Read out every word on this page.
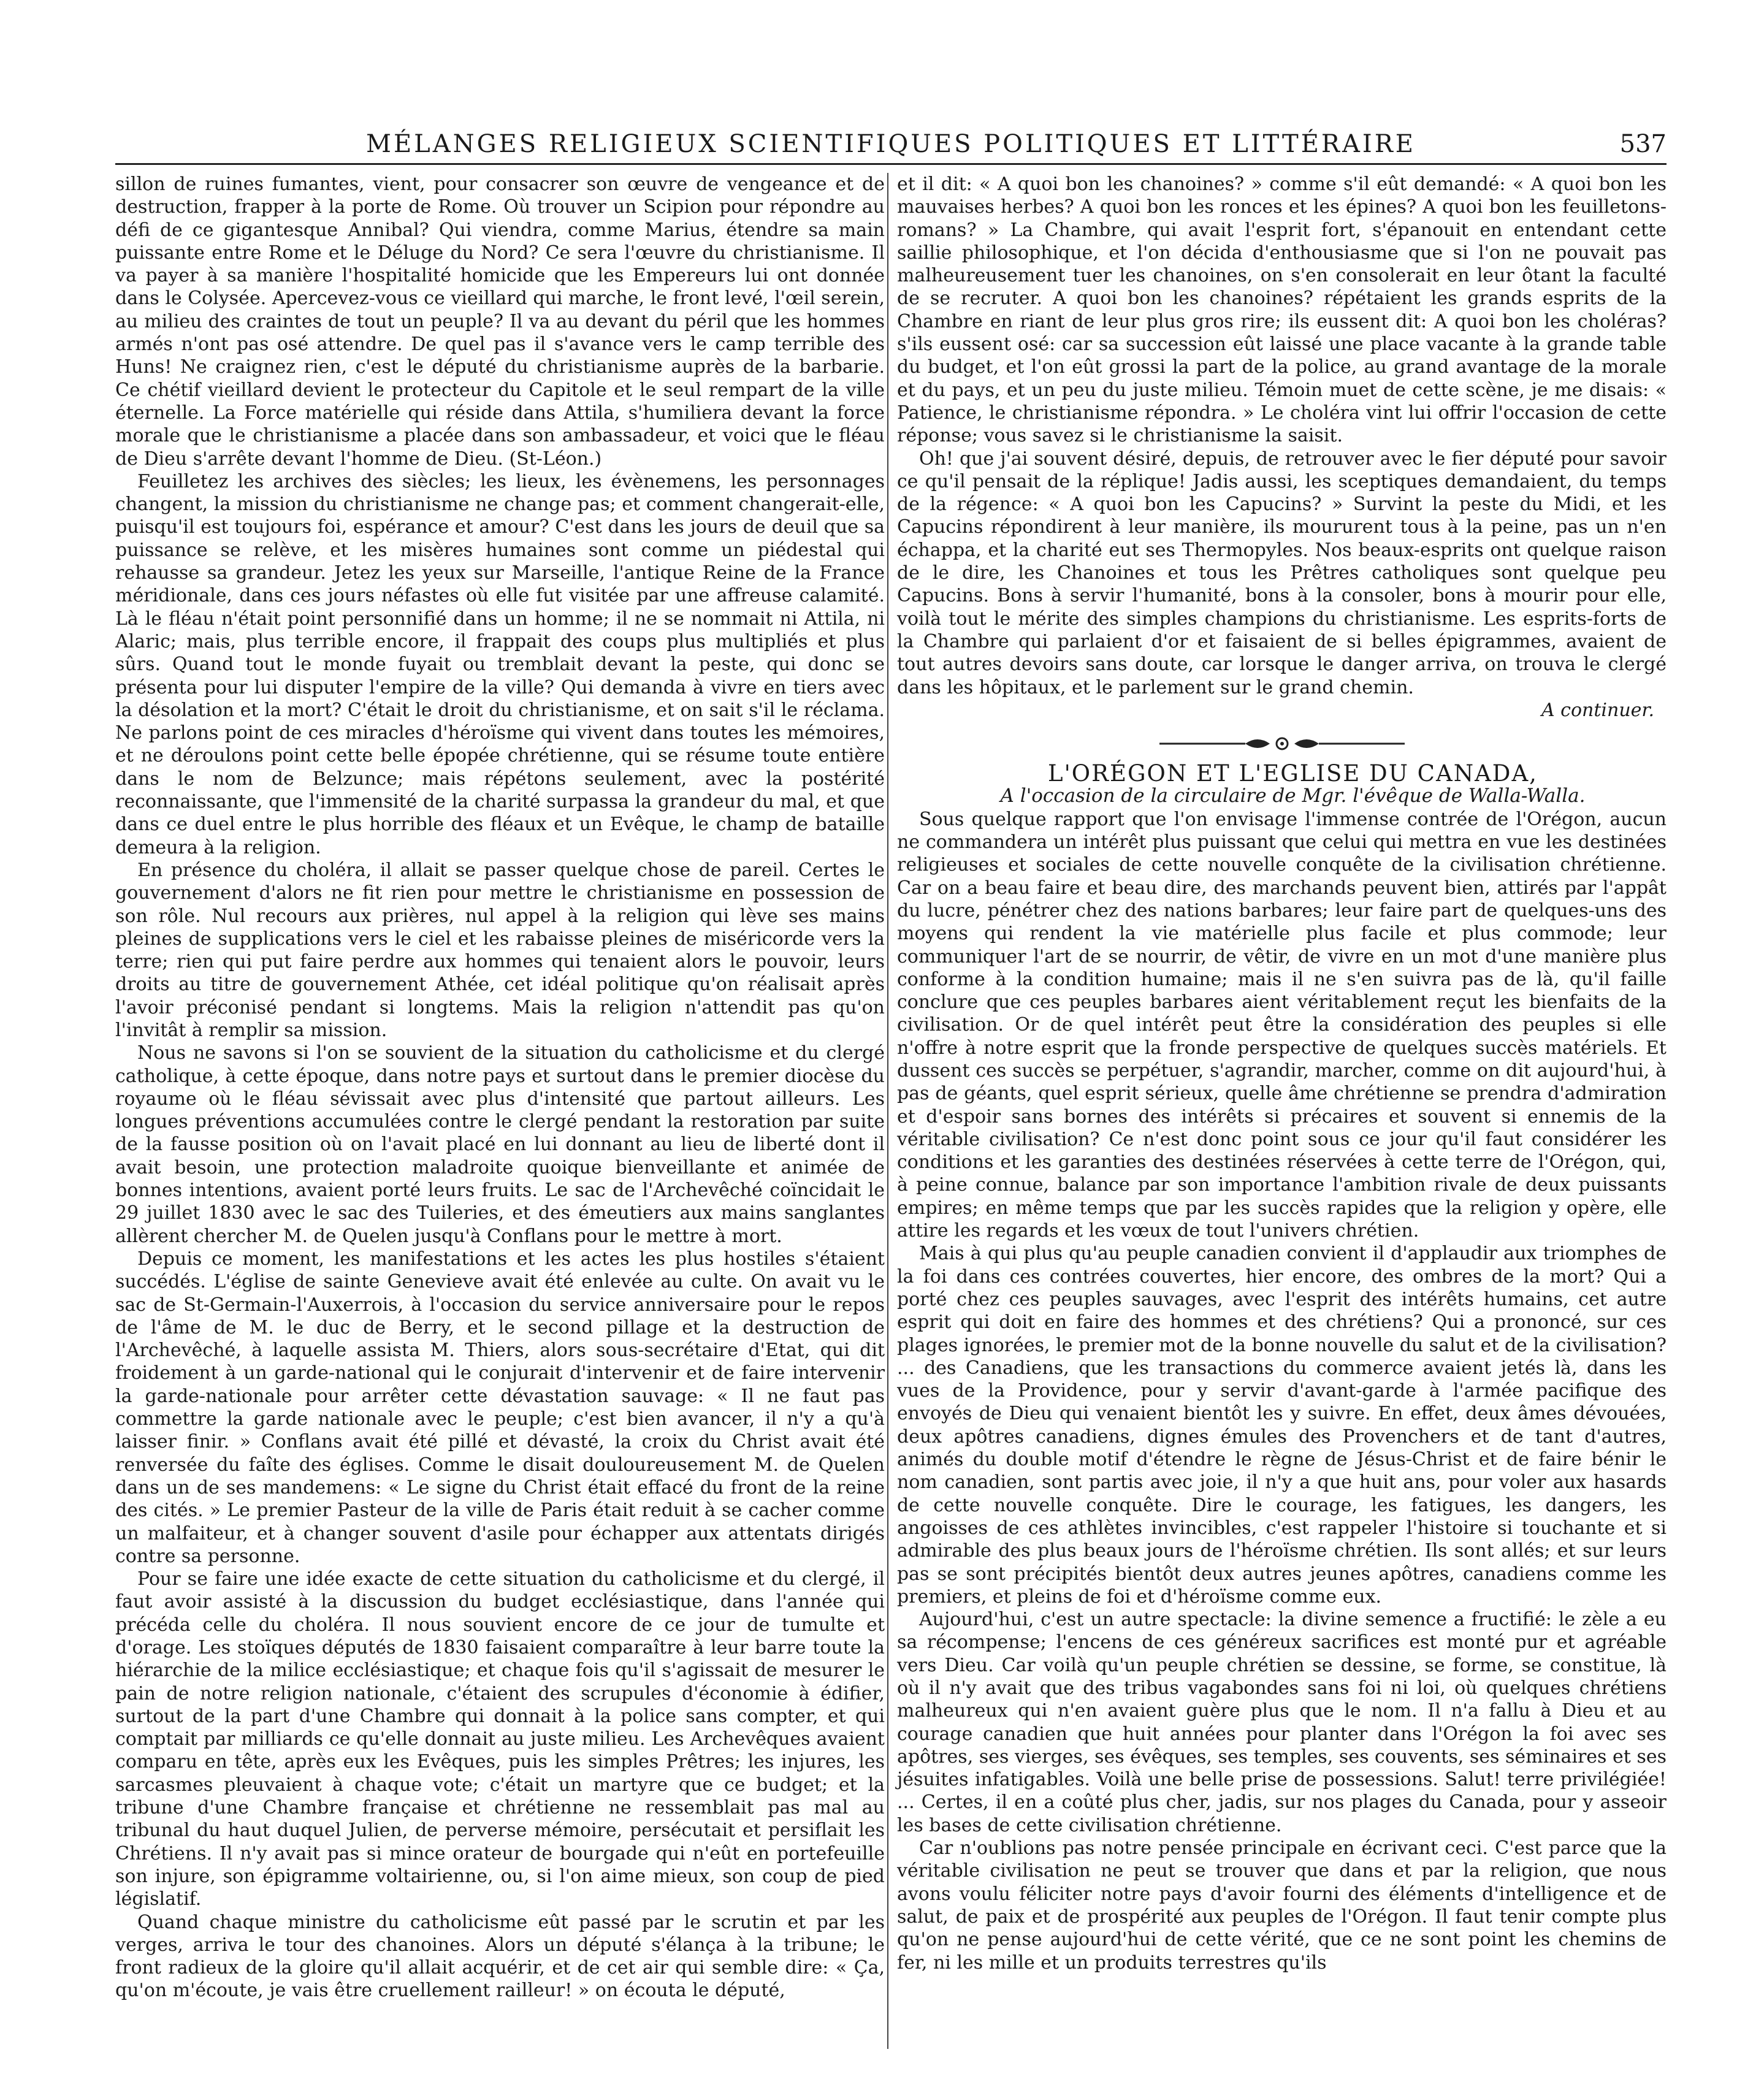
MÉLANGES RELIGIEUX SCIENTIFIQUES POLITIQUES ET LITTÉRAIRE	537

sillon de ruines fumantes, vient, pour consacrer son œuvre de vengeance et de destruction, frapper à la porte de Rome. Où trouver un Scipion pour répondre au défi de ce gigantesque Annibal? Qui viendra, comme Marius, étendre sa main puissante entre Rome et le Déluge du Nord? Ce sera l'œuvre du christianisme. Il va payer à sa manière l'hospitalité homicide que les Empereurs lui ont donnée dans le Colysée. Apercevez-vous ce vieillard qui marche, le front levé, l'œil serein, au milieu des craintes de tout un peuple? Il va au devant du péril que les hommes armés n'ont pas osé attendre. De quel pas il s'avance vers le camp terrible des Huns! Ne craignez rien, c'est le député du christianisme auprès de la barbarie. Ce chétif vieillard devient le protecteur du Capitole et le seul rempart de la ville éternelle. La Force matérielle qui réside dans Attila, s'humiliera devant la force morale que le christianisme a placée dans son ambassadeur, et voici que le fléau de Dieu s'arrête devant l'homme de Dieu. (St-Léon.)

Feuilletez les archives des siècles; les lieux, les évènemens, les personnages changent, la mission du christianisme ne change pas; et comment changerait-elle, puisqu'il est toujours foi, espérance et amour? C'est dans les jours de deuil que sa puissance se relève, et les misères humaines sont comme un piédestal qui rehausse sa grandeur. Jetez les yeux sur Marseille, l'antique Reine de la France méridionale, dans ces jours néfastes où elle fut visitée par une affreuse calamité. Là le fléau n'était point personnifié dans un homme; il ne se nommait ni Attila, ni Alaric; mais, plus terrible encore, il frappait des coups plus multipliés et plus sûrs. Quand tout le monde fuyait ou tremblait devant la peste, qui donc se présenta pour lui disputer l'empire de la ville? Qui demanda à vivre en tiers avec la désolation et la mort? C'était le droit du christianisme, et on sait s'il le réclama. Ne parlons point de ces miracles d'héroïsme qui vivent dans toutes les mémoires, et ne déroulons point cette belle épopée chrétienne, qui se résume toute entière dans le nom de Belzunce; mais répétons seulement, avec la postérité reconnaissante, que l'immensité de la charité surpassa la grandeur du mal, et que dans ce duel entre le plus horrible des fléaux et un Evêque, le champ de bataille demeura à la religion.

En présence du choléra, il allait se passer quelque chose de pareil. Certes le gouvernement d'alors ne fit rien pour mettre le christianisme en possession de son rôle. Nul recours aux prières, nul appel à la religion qui lève ses mains pleines de supplications vers le ciel et les rabaisse pleines de miséricorde vers la terre; rien qui put faire perdre aux hommes qui tenaient alors le pouvoir, leurs droits au titre de gouvernement Athée, cet idéal politique qu'on réalisait après l'avoir préconisé pendant si longtems. Mais la religion n'attendit pas qu'on l'invitât à remplir sa mission.

Nous ne savons si l'on se souvient de la situation du catholicisme et du clergé catholique, à cette époque, dans notre pays et surtout dans le premier diocèse du royaume où le fléau sévissait avec plus d'intensité que partout ailleurs. Les longues préventions accumulées contre le clergé pendant la restoration par suite de la fausse position où on l'avait placé en lui donnant au lieu de liberté dont il avait besoin, une protection maladroite quoique bienveillante et animée de bonnes intentions, avaient porté leurs fruits. Le sac de l'Archevêché coïncidait le 29 juillet 1830 avec le sac des Tuileries, et des émeutiers aux mains sanglantes allèrent chercher M. de Quelen jusqu'à Conflans pour le mettre à mort.

Depuis ce moment, les manifestations et les actes les plus hostiles s'étaient succédés. L'église de sainte Genevieve avait été enlevée au culte. On avait vu le sac de St-Germain-l'Auxerrois, à l'occasion du service anniversaire pour le repos de l'âme de M. le duc de Berry, et le second pillage et la destruction de l'Archevêché, à laquelle assista M. Thiers, alors sous-secrétaire d'Etat, qui dit froidement à un garde-national qui le conjurait d'intervenir et de faire intervenir la garde-nationale pour arrêter cette dévastation sauvage: « Il ne faut pas commettre la garde nationale avec le peuple; c'est bien avancer, il n'y a qu'à laisser finir. » Conflans avait été pillé et dévasté, la croix du Christ avait été renversée du faîte des églises. Comme le disait douloureusement M. de Quelen dans un de ses mandemens: « Le signe du Christ était effacé du front de la reine des cités. » Le premier Pasteur de la ville de Paris était reduit à se cacher comme un malfaiteur, et à changer souvent d'asile pour échapper aux attentats dirigés contre sa personne.

Pour se faire une idée exacte de cette situation du catholicisme et du clergé, il faut avoir assisté à la discussion du budget ecclésiastique, dans l'année qui précéda celle du choléra. Il nous souvient encore de ce jour de tumulte et d'orage. Les stoïques députés de 1830 faisaient comparaître à leur barre toute la hiérarchie de la milice ecclésiastique; et chaque fois qu'il s'agissait de mesurer le pain de notre religion nationale, c'étaient des scrupules d'économie à édifier, surtout de la part d'une Chambre qui donnait à la police sans compter, et qui comptait par milliards ce qu'elle donnait au juste milieu. Les Archevêques avaient comparu en tête, après eux les Evêques, puis les simples Prêtres; les injures, les sarcasmes pleuvaient à chaque vote; c'était un martyre que ce budget; et la tribune d'une Chambre française et chrétienne ne ressemblait pas mal au tribunal du haut duquel Julien, de perverse mémoire, persécutait et persiflait les Chrétiens. Il n'y avait pas si mince orateur de bourgade qui n'eût en portefeuille son injure, son épigramme voltairienne, ou, si l'on aime mieux, son coup de pied législatif.

Quand chaque ministre du catholicisme eût passé par le scrutin et par les verges, arriva le tour des chanoines. Alors un député s'élança à la tribune; le front radieux de la gloire qu'il allait acquérir, et de cet air qui semble dire: « Ça, qu'on m'écoute, je vais être cruellement railleur! » on écouta le député,

et il dit: « A quoi bon les chanoines? » comme s'il eût demandé: « A quoi bon les mauvaises herbes? A quoi bon les ronces et les épines? A quoi bon les feuilletons-romans? » La Chambre, qui avait l'esprit fort, s'épanouit en entendant cette saillie philosophique, et l'on décida d'enthousiasme que si l'on ne pouvait pas malheureusement tuer les chanoines, on s'en consolerait en leur ôtant la faculté de se recruter. A quoi bon les chanoines? répétaient les grands esprits de la Chambre en riant de leur plus gros rire; ils eussent dit: A quoi bon les choléras? s'ils eussent osé: car sa succession eût laissé une place vacante à la grande table du budget, et l'on eût grossi la part de la police, au grand avantage de la morale et du pays, et un peu du juste milieu. Témoin muet de cette scène, je me disais: « Patience, le christianisme répondra. » Le choléra vint lui offrir l'occasion de cette réponse; vous savez si le christianisme la saisit.

Oh! que j'ai souvent désiré, depuis, de retrouver avec le fier député pour savoir ce qu'il pensait de la réplique! Jadis aussi, les sceptiques demandaient, du temps de la régence: « A quoi bon les Capucins? » Survint la peste du Midi, et les Capucins répondirent à leur manière, ils moururent tous à la peine, pas un n'en échappa, et la charité eut ses Thermopyles. Nos beaux-esprits ont quelque raison de le dire, les Chanoines et tous les Prêtres catholiques sont quelque peu Capucins. Bons à servir l'humanité, bons à la consoler, bons à mourir pour elle, voilà tout le mérite des simples champions du christianisme. Les esprits-forts de la Chambre qui parlaient d'or et faisaient de si belles épigrammes, avaient de tout autres devoirs sans doute, car lorsque le danger arriva, on trouva le clergé dans les hôpitaux, et le parlement sur le grand chemin.

A continuer.

L'ORÉGON ET L'EGLISE DU CANADA,

A l'occasion de la circulaire de Mgr. l'évêque de Walla-Walla.

Sous quelque rapport que l'on envisage l'immense contrée de l'Orégon, aucun ne commandera un intérêt plus puissant que celui qui mettra en vue les destinées religieuses et sociales de cette nouvelle conquête de la civilisation chrétienne. Car on a beau faire et beau dire, des marchands peuvent bien, attirés par l'appât du lucre, pénétrer chez des nations barbares; leur faire part de quelques-uns des moyens qui rendent la vie matérielle plus facile et plus commode; leur communiquer l'art de se nourrir, de vêtir, de vivre en un mot d'une manière plus conforme à la condition humaine; mais il ne s'en suivra pas de là, qu'il faille conclure que ces peuples barbares aient véritablement reçut les bienfaits de la civilisation. Or de quel intérêt peut être la considération des peuples si elle n'offre à notre esprit que la fronde perspective de quelques succès matériels. Et dussent ces succès se perpétuer, s'agrandir, marcher, comme on dit aujourd'hui, à pas de géants, quel esprit sérieux, quelle âme chrétienne se prendra d'admiration et d'espoir sans bornes des intérêts si précaires et souvent si ennemis de la véritable civilisation? Ce n'est donc point sous ce jour qu'il faut considérer les conditions et les garanties des destinées réservées à cette terre de l'Orégon, qui, à peine connue, balance par son importance l'ambition rivale de deux puissants empires; en même temps que par les succès rapides que la religion y opère, elle attire les regards et les vœux de tout l'univers chrétien.

Mais à qui plus qu'au peuple canadien convient il d'applaudir aux triomphes de la foi dans ces contrées couvertes, hier encore, des ombres de la mort? Qui a porté chez ces peuples sauvages, avec l'esprit des intérêts humains, cet autre esprit qui doit en faire des hommes et des chrétiens? Qui a prononcé, sur ces plages ignorées, le premier mot de la bonne nouvelle du salut et de la civilisation? ... des Canadiens, que les transactions du commerce avaient jetés là, dans les vues de la Providence, pour y servir d'avant-garde à l'armée pacifique des envoyés de Dieu qui venaient bientôt les y suivre. En effet, deux âmes dévouées, deux apôtres canadiens, dignes émules des Provenchers et de tant d'autres, animés du double motif d'étendre le règne de Jésus-Christ et de faire bénir le nom canadien, sont partis avec joie, il n'y a que huit ans, pour voler aux hasards de cette nouvelle conquête. Dire le courage, les fatigues, les dangers, les angoisses de ces athlètes invincibles, c'est rappeler l'histoire si touchante et si admirable des plus beaux jours de l'héroïsme chrétien. Ils sont allés; et sur leurs pas se sont précipités bientôt deux autres jeunes apôtres, canadiens comme les premiers, et pleins de foi et d'héroïsme comme eux.

Aujourd'hui, c'est un autre spectacle: la divine semence a fructifié: le zèle a eu sa récompense; l'encens de ces généreux sacrifices est monté pur et agréable vers Dieu. Car voilà qu'un peuple chrétien se dessine, se forme, se constitue, là où il n'y avait que des tribus vagabondes sans foi ni loi, où quelques chrétiens malheureux qui n'en avaient guère plus que le nom. Il n'a fallu à Dieu et au courage canadien que huit années pour planter dans l'Orégon la foi avec ses apôtres, ses vierges, ses évêques, ses temples, ses couvents, ses séminaires et ses jésuites infatigables. Voilà une belle prise de possessions. Salut! terre privilégiée! ... Certes, il en a coûté plus cher, jadis, sur nos plages du Canada, pour y asseoir les bases de cette civilisation chrétienne.

Car n'oublions pas notre pensée principale en écrivant ceci. C'est parce que la véritable civilisation ne peut se trouver que dans et par la religion, que nous avons voulu féliciter notre pays d'avoir fourni des éléments d'intelligence et de salut, de paix et de prospérité aux peuples de l'Orégon. Il faut tenir compte plus qu'on ne pense aujourd'hui de cette vérité, que ce ne sont point les chemins de fer, ni les mille et un produits terrestres qu'ils
